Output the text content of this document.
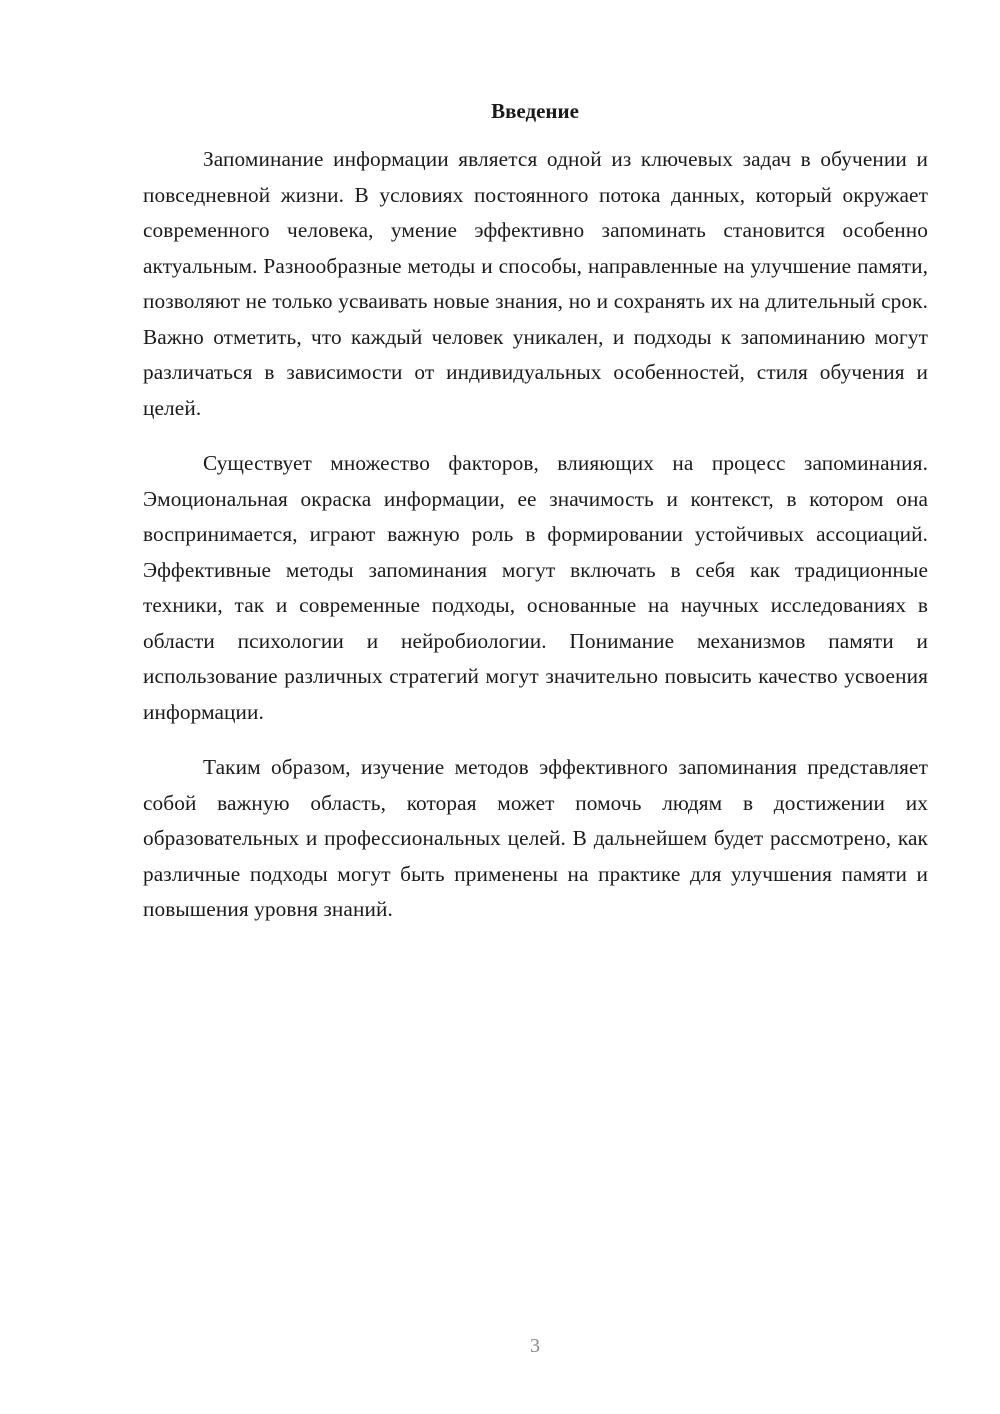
Введение

Запоминание информации является одной из ключевых задач в обучении и повседневной жизни. В условиях постоянного потока данных, который окружает современного человека, умение эффективно запоминать становится особенно актуальным. Разнообразные методы и способы, направленные на улучшение памяти, позволяют не только усваивать новые знания, но и сохранять их на длительный срок. Важно отметить, что каждый человек уникален, и подходы к запоминанию могут различаться в зависимости от индивидуальных особенностей, стиля обучения и целей.

Существует множество факторов, влияющих на процесс запоминания. Эмоциональная окраска информации, ее значимость и контекст, в котором она воспринимается, играют важную роль в формировании устойчивых ассоциаций. Эффективные методы запоминания могут включать в себя как традиционные техники, так и современные подходы, основанные на научных исследованиях в области психологии и нейробиологии. Понимание механизмов памяти и использование различных стратегий могут значительно повысить качество усвоения информации.

Таким образом, изучение методов эффективного запоминания представляет собой важную область, которая может помочь людям в достижении их образовательных и профессиональных целей. В дальнейшем будет рассмотрено, как различные подходы могут быть применены на практике для улучшения памяти и повышения уровня знаний.

3
